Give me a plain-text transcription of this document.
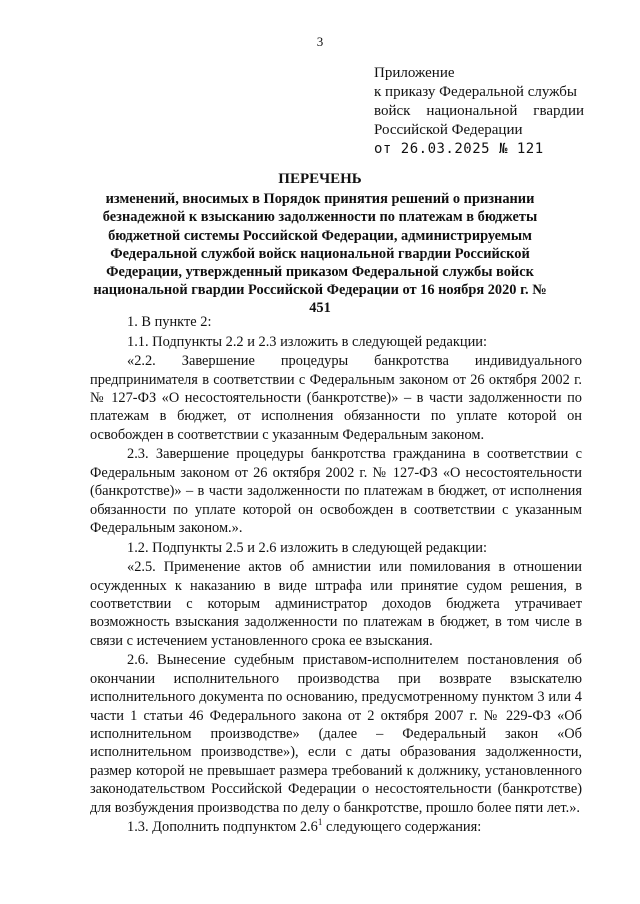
3
Приложение
к приказу Федеральной службы
войск национальной гвардии
Российской Федерации
от 26.03.2025 № 121
ПЕРЕЧЕНЬ
изменений, вносимых в Порядок принятия решений о признании безнадежной к взысканию задолженности по платежам в бюджеты бюджетной системы Российской Федерации, администрируемым Федеральной службой войск национальной гвардии Российской Федерации, утвержденный приказом Федеральной службы войск национальной гвардии Российской Федерации от 16 ноября 2020 г. № 451

1. В пункте 2:

1.1. Подпункты 2.2 и 2.3 изложить в следующей редакции:

«2.2. Завершение процедуры банкротства индивидуального предпринимателя в соответствии с Федеральным законом от 26 октября 2002 г. № 127-ФЗ «О несостоятельности (банкротстве)» – в части задолженности по платежам в бюджет, от исполнения обязанности по уплате которой он освобожден в соответствии с указанным Федеральным законом.

2.3. Завершение процедуры банкротства гражданина в соответствии с Федеральным законом от 26 октября 2002 г. № 127-ФЗ «О несостоятельности (банкротстве)» – в части задолженности по платежам в бюджет, от исполнения обязанности по уплате которой он освобожден в соответствии с указанным Федеральным законом.».

1.2. Подпункты 2.5 и 2.6 изложить в следующей редакции:

«2.5. Применение актов об амнистии или помилования в отношении осужденных к наказанию в виде штрафа или принятие судом решения, в соответствии с которым администратор доходов бюджета утрачивает возможность взыскания задолженности по платежам в бюджет, в том числе в связи с истечением установленного срока ее взыскания.

2.6. Вынесение судебным приставом-исполнителем постановления об окончании исполнительного производства при возврате взыскателю исполнительного документа по основанию, предусмотренному пунктом 3 или 4 части 1 статьи 46 Федерального закона от 2 октября 2007 г. № 229-ФЗ «Об исполнительном производстве» (далее – Федеральный закон «Об исполнительном производстве»), если с даты образования задолженности, размер которой не превышает размера требований к должнику, установленного законодательством Российской Федерации о несостоятельности (банкротстве) для возбуждения производства по делу о банкротстве, прошло более пяти лет.».

1.3. Дополнить подпунктом $2.6^1$ следующего содержания:
